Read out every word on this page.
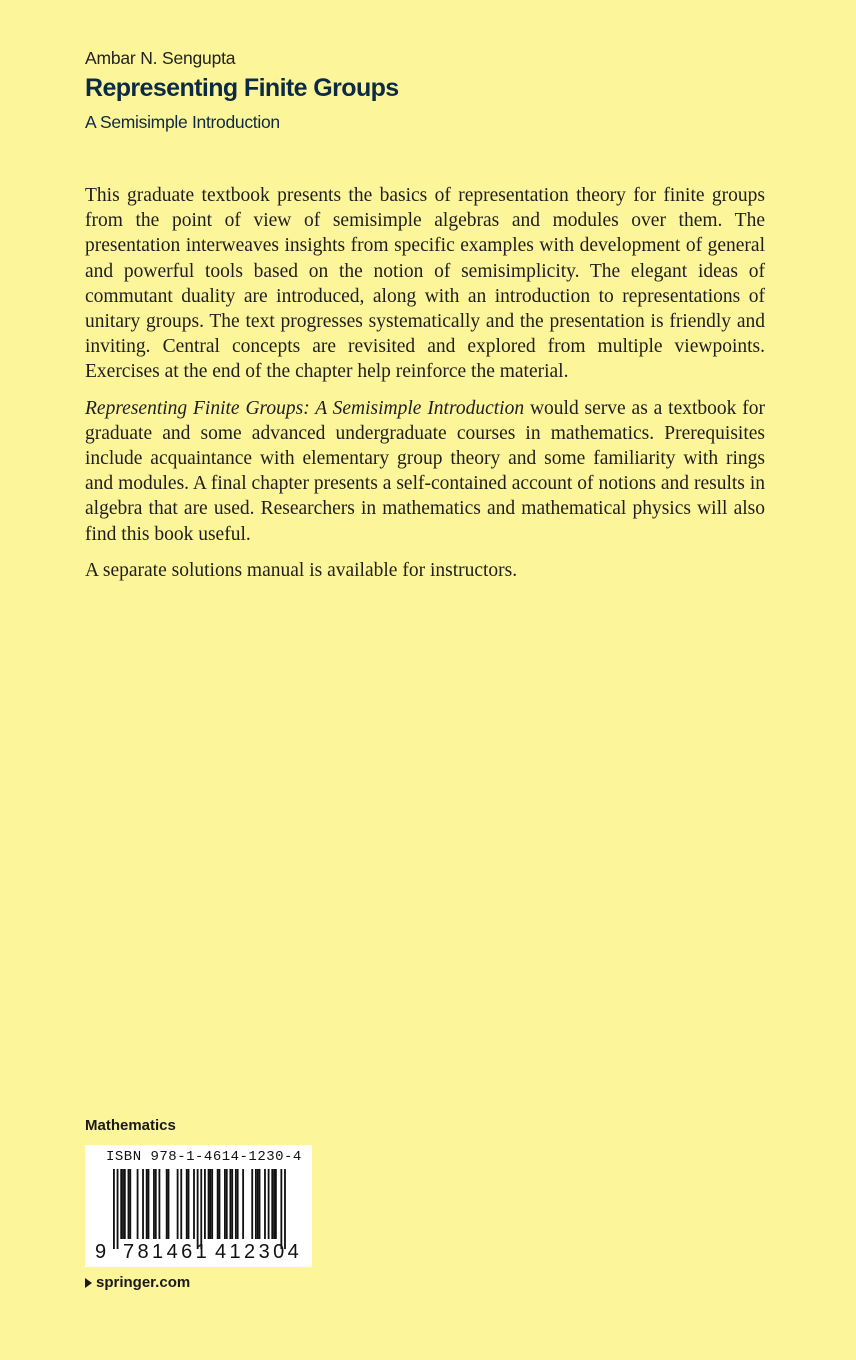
Ambar N. Sengupta
Representing Finite Groups
A Semisimple Introduction

This graduate textbook presents the basics of representation theory for finite groups from the point of view of semisimple algebras and modules over them. The presentation interweaves insights from specific examples with development of general and powerful tools based on the notion of semisimplicity. The elegant ideas of commutant duality are introduced, along with an introduction to representations of unitary groups. The text progresses systematically and the presentation is friendly and inviting. Central concepts are revisited and explored from multiple viewpoints. Exercises at the end of the chapter help reinforce the material.

Representing Finite Groups: A Semisimple Introduction would serve as a textbook for graduate and some advanced undergraduate courses in mathematics. Prerequisites include acquaintance with elementary group theory and some familiarity with rings and modules. A final chapter presents a self-contained account of notions and results in algebra that are used. Researchers in mathematics and mathematical physics will also find this book useful.

A separate solutions manual is available for instructors.

Mathematics
ISBN 978-1-4614-1230-4
9 781461 412304
springer.com
